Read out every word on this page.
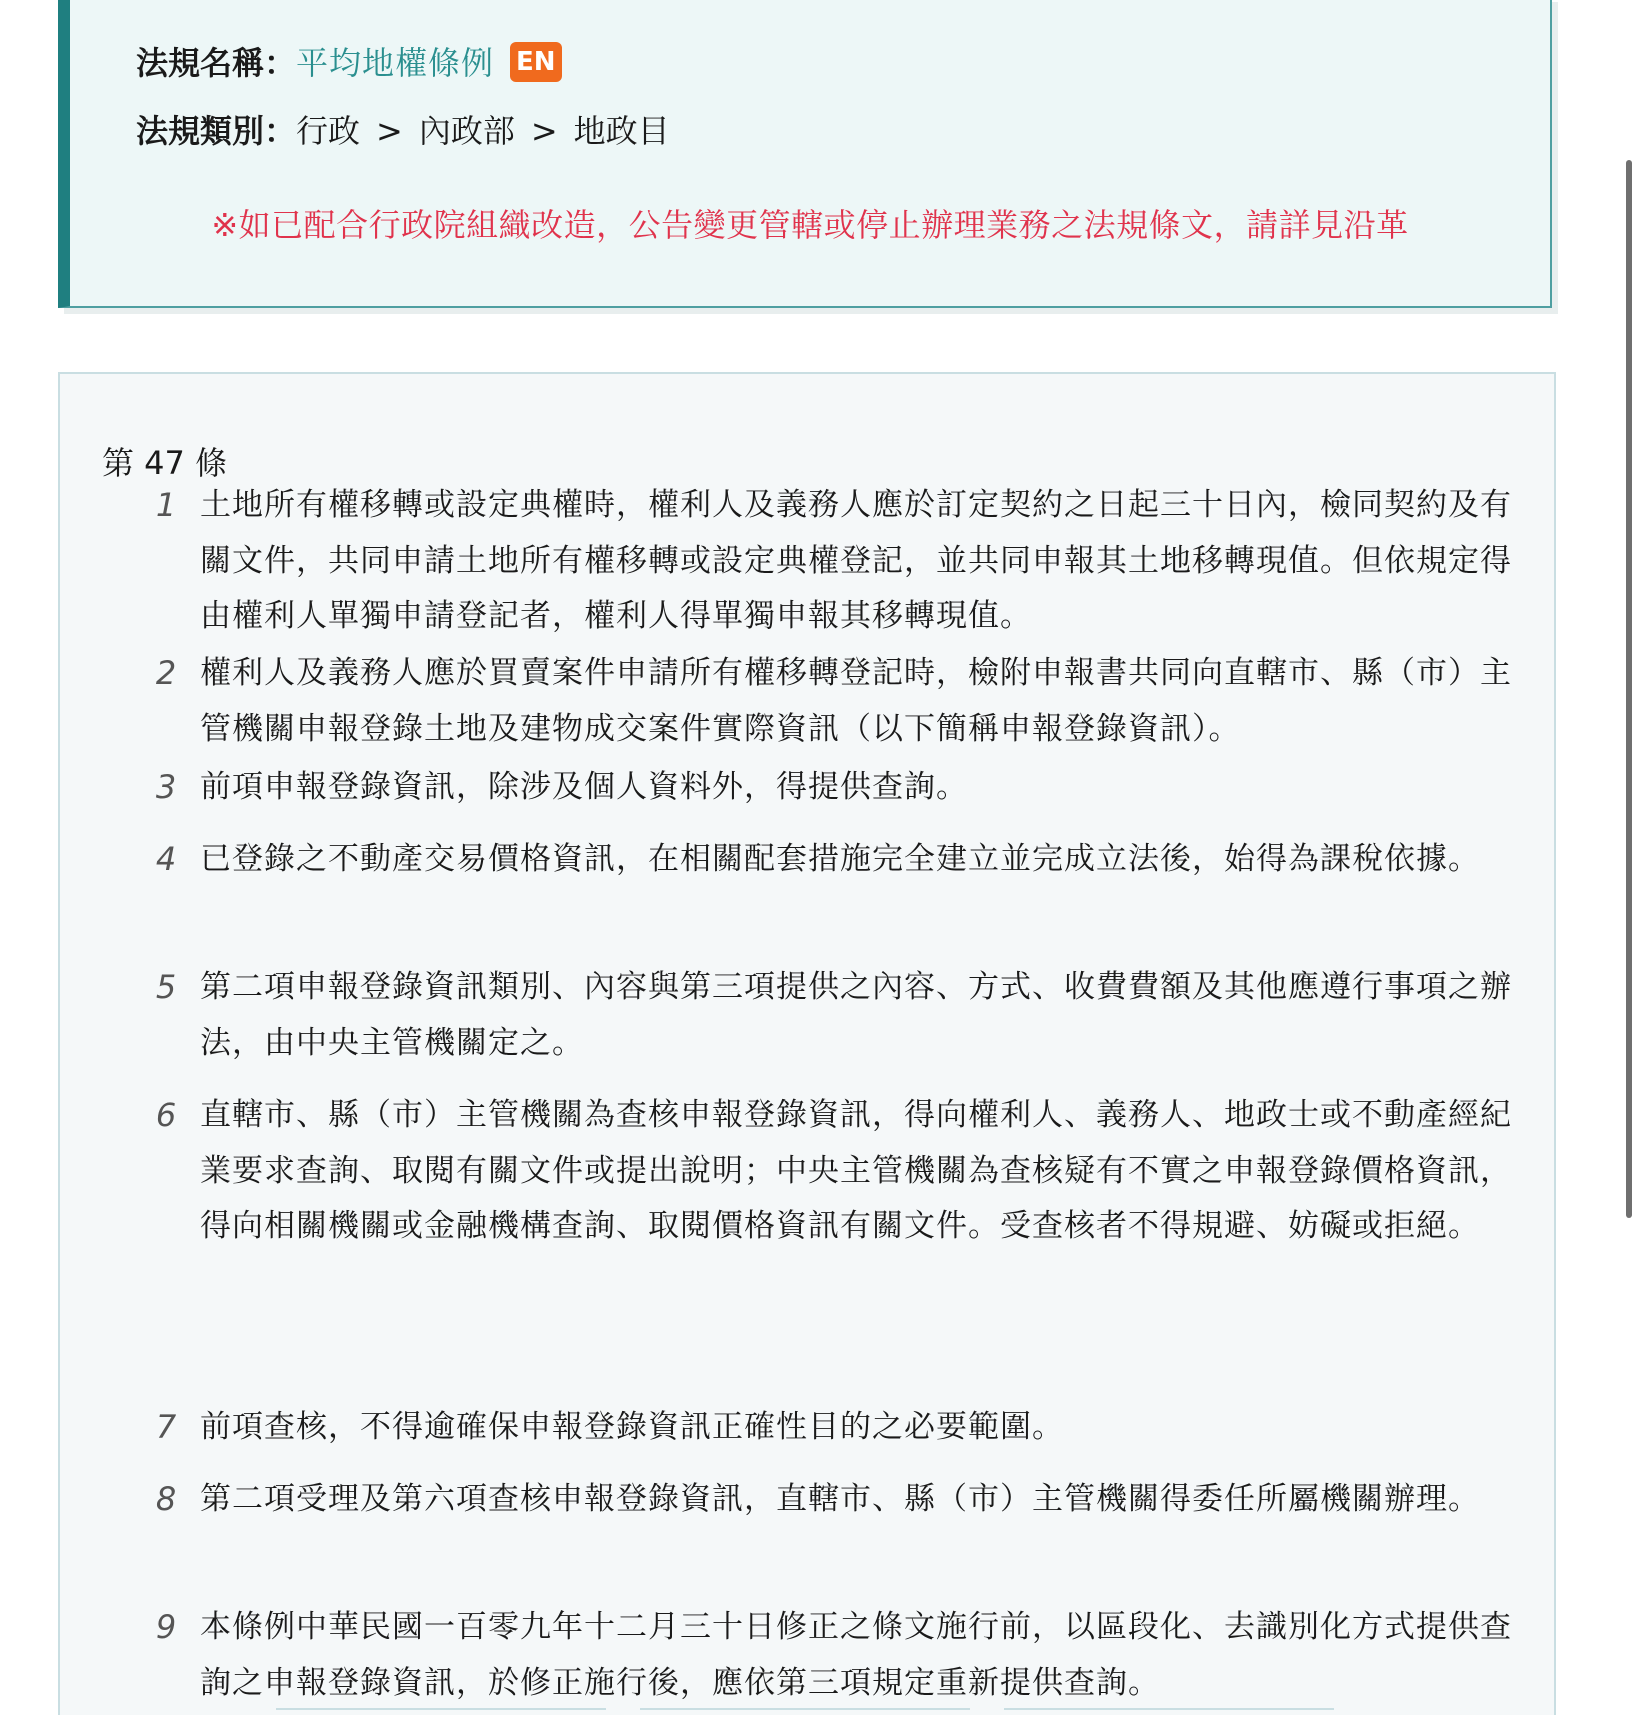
法規名稱：平均地權條例 EN
法規類別：行政 > 內政部 > 地政目
※如已配合行政院組織改造，公告變更管轄或停止辦理業務之法規條文，請詳見沿革
第 47 條
1 土地所有權移轉或設定典權時，權利人及義務人應於訂定契約之日起三十日內，檢同契約及有關文件，共同申請土地所有權移轉或設定典權登記，並共同申報其土地移轉現值。但依規定得由權利人單獨申請登記者，權利人得單獨申報其移轉現值。
2 權利人及義務人應於買賣案件申請所有權移轉登記時，檢附申報書共同向直轄市、縣（市）主管機關申報登錄土地及建物成交案件實際資訊（以下簡稱申報登錄資訊）。
3 前項申報登錄資訊，除涉及個人資料外，得提供查詢。
4 已登錄之不動產交易價格資訊，在相關配套措施完全建立並完成立法後，始得為課稅依據。
5 第二項申報登錄資訊類別、內容與第三項提供之內容、方式、收費費額及其他應遵行事項之辦法，由中央主管機關定之。
6 直轄市、縣（市）主管機關為查核申報登錄資訊，得向權利人、義務人、地政士或不動產經紀業要求查詢、取閱有關文件或提出說明；中央主管機關為查核疑有不實之申報登錄價格資訊，得向相關機關或金融機構查詢、取閱價格資訊有關文件。受查核者不得規避、妨礙或拒絕。
7 前項查核，不得逾確保申報登錄資訊正確性目的之必要範圍。
8 第二項受理及第六項查核申報登錄資訊，直轄市、縣（市）主管機關得委任所屬機關辦理。
9 本條例中華民國一百零九年十二月三十日修正之條文施行前，以區段化、去識別化方式提供查詢之申報登錄資訊，於修正施行後，應依第三項規定重新提供查詢。
